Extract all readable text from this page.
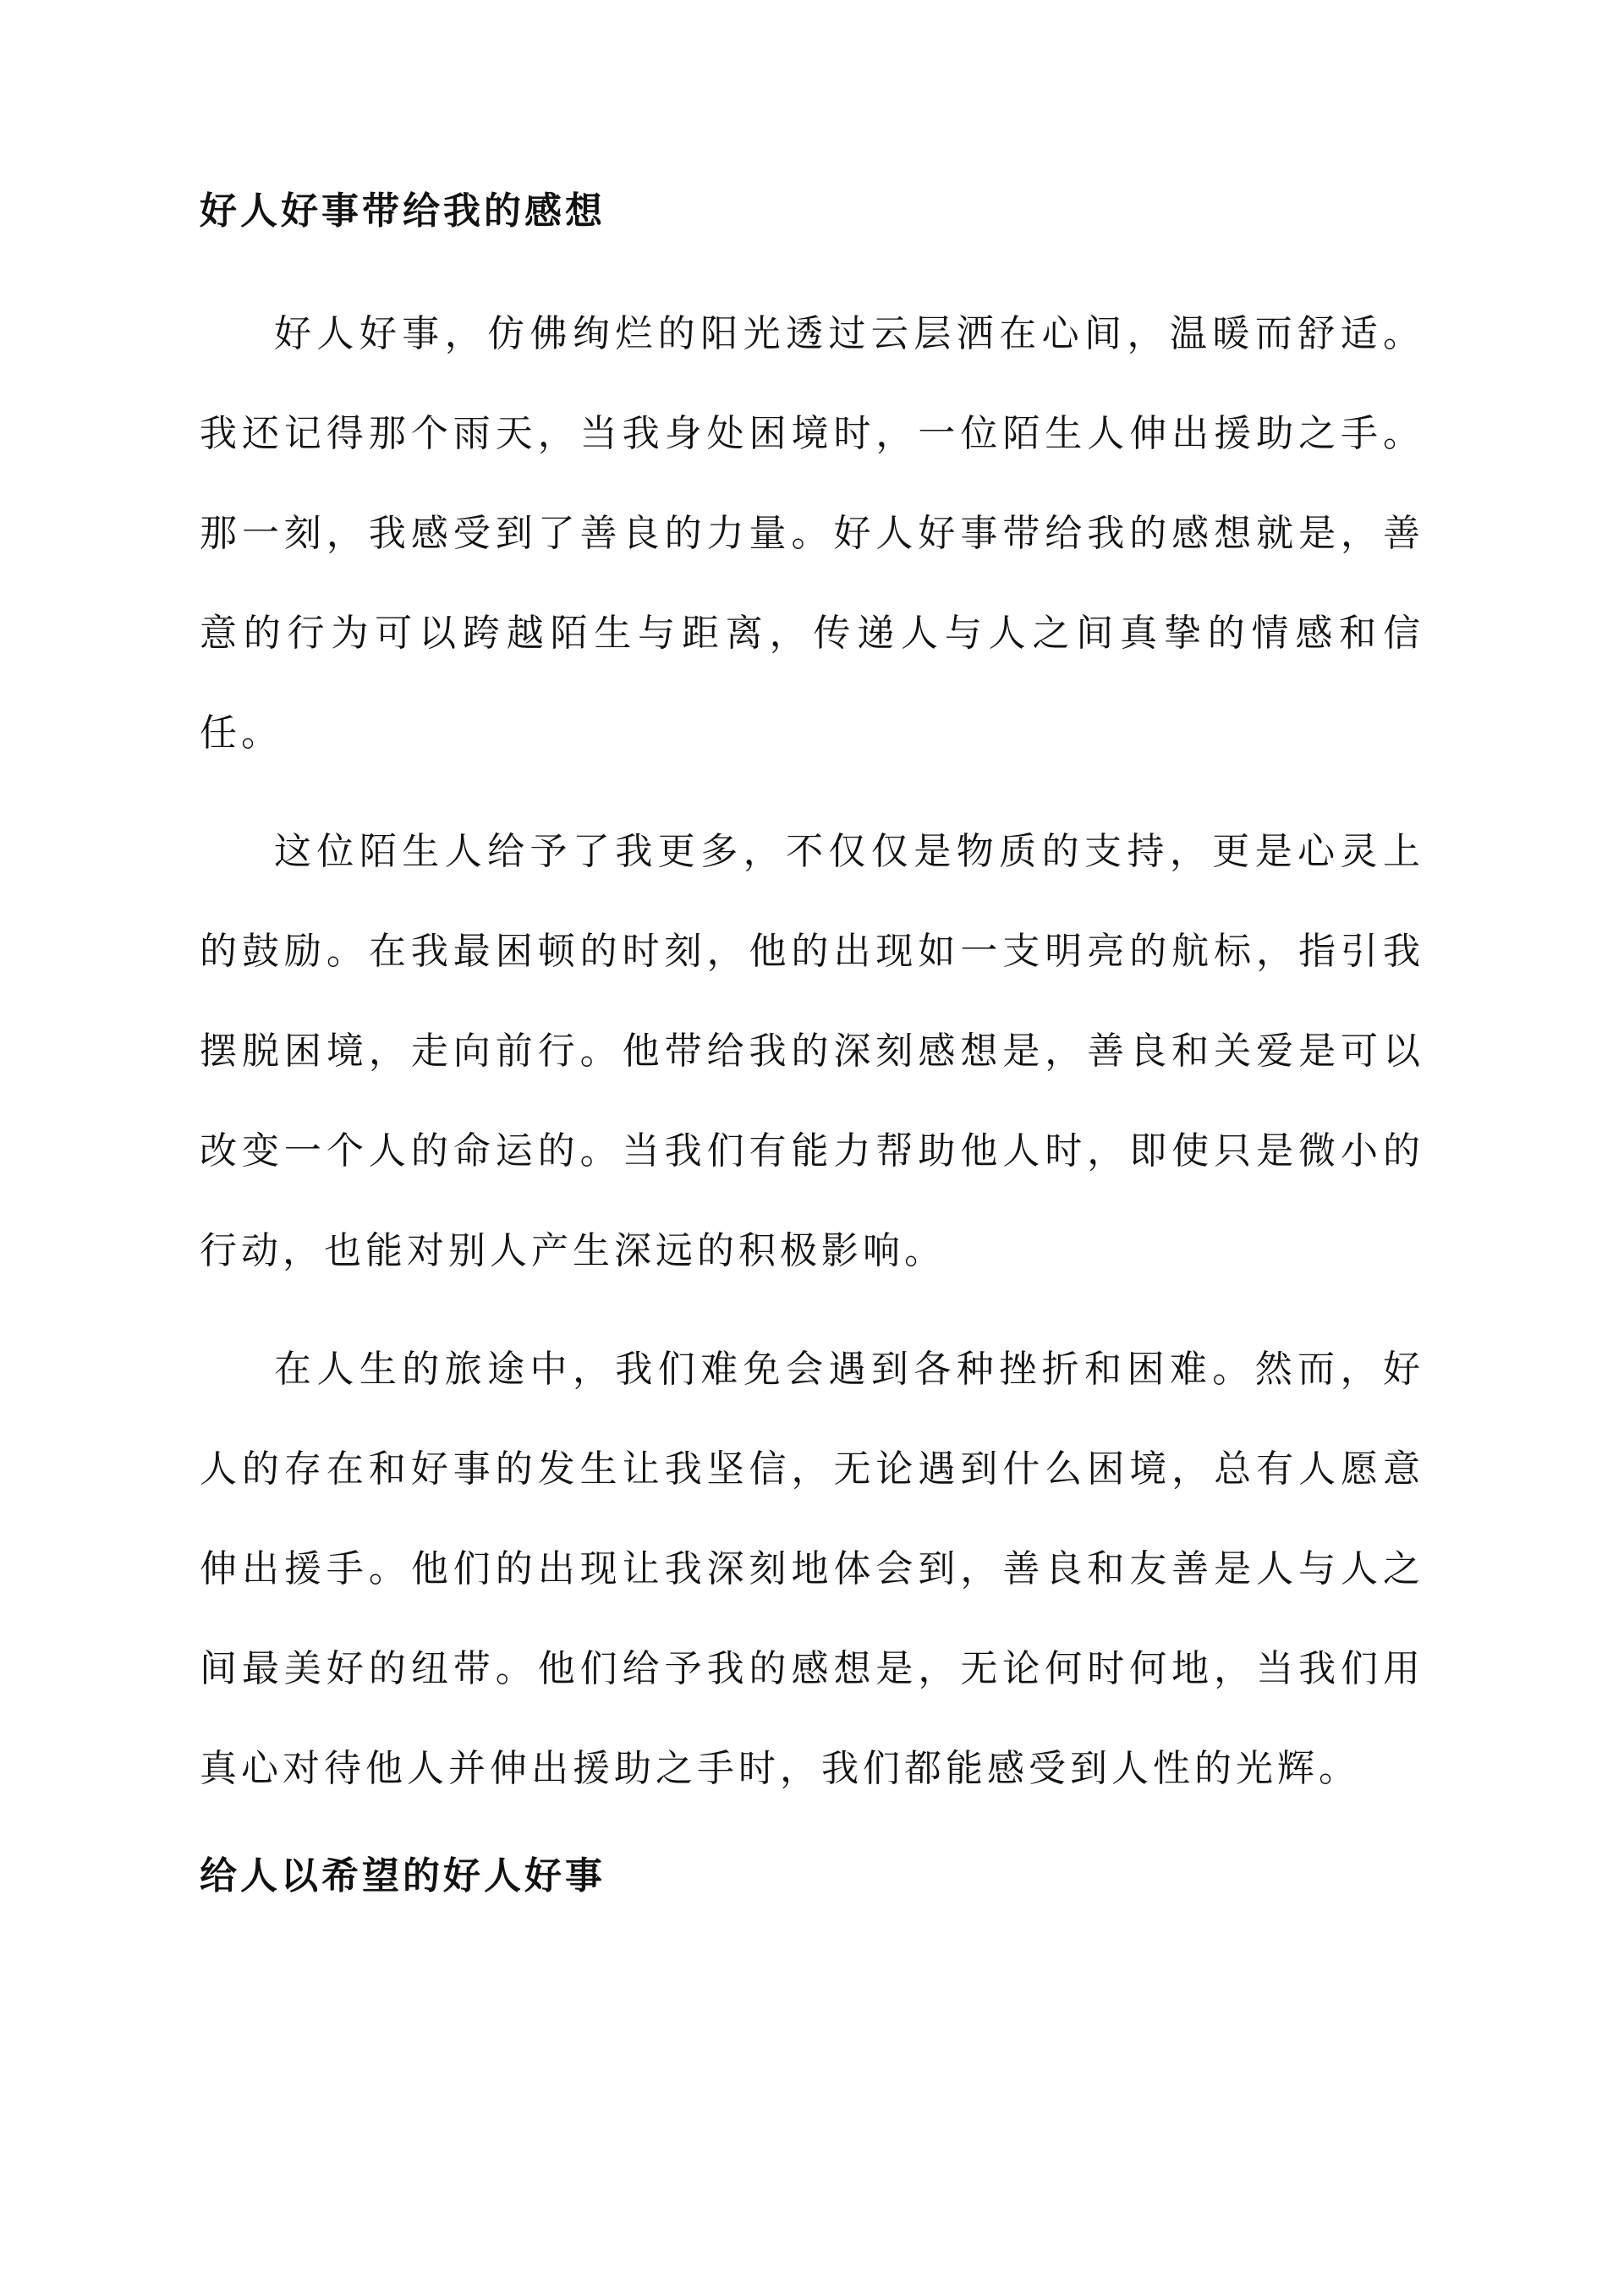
好人好事带给我的感想

好人好事，仿佛绚烂的阳光透过云层洒在心间，温暖而舒适。我还记得那个雨天，当我身处困境时，一位陌生人伸出援助之手。那一刻，我感受到了善良的力量。好人好事带给我的感想就是，善意的行为可以跨越陌生与距离，传递人与人之间真挚的情感和信任。

这位陌生人给予了我更多，不仅仅是物质的支持，更是心灵上的鼓励。在我最困顿的时刻，他的出现如一支明亮的航标，指引我摆脱困境，走向前行。他带给我的深刻感想是，善良和关爱是可以改变一个人的命运的。当我们有能力帮助他人时，即使只是微小的行动，也能对别人产生深远的积极影响。

在人生的旅途中，我们难免会遇到各种挫折和困难。然而，好人的存在和好事的发生让我坚信，无论遇到什么困境，总有人愿意伸出援手。他们的出现让我深刻地体会到，善良和友善是人与人之间最美好的纽带。他们给予我的感想是，无论何时何地，当我们用真心对待他人并伸出援助之手时，我们都能感受到人性的光辉。

给人以希望的好人好事
